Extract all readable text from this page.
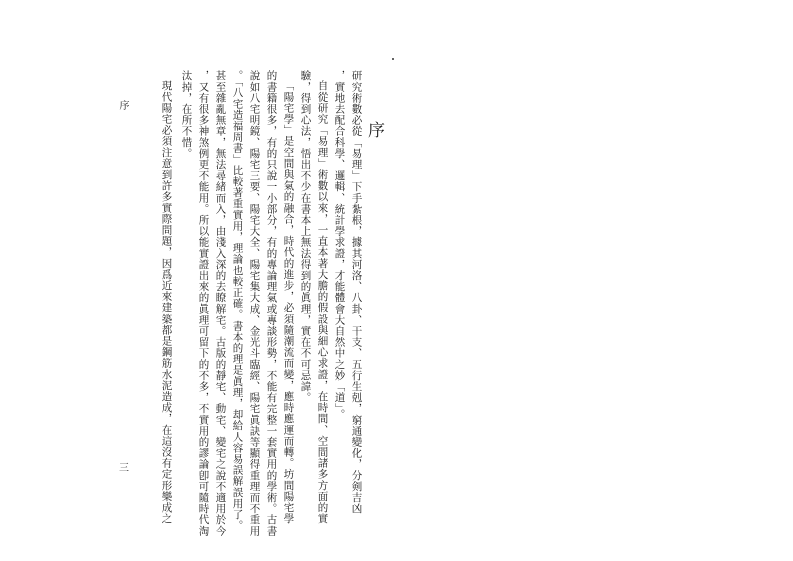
序
序
研究術數必從「易理」下手紮根，據其河洛、八卦、干支、五行生剋，窮通變化，分剣吉凶
，實地去配合科學、邏輯、統計學求證，才能體會大自然中之妙「道」。
自從研究「易理」術數以來，一直本著大膽的假設與細心求證，在時間、空間諸多方面的實
驗，得到心法，悟出不少在書本上無法得到的眞理，實在不可忌諱。
「陽宅學」是空間與氣的融合，時代的進步，必須隨潮流而變，應時應運而轉。坊間陽宅學
的書籍很多，有的只說一小部分，有的專論理氣或專談形勢，不能有完整一套實用的學術。古書
說如八宅明鏡、陽宅三要、陽宅大全、陽宅集大成、金光斗臨經、陽宅眞訣等顯得重理而不重用
。「八宅造福周書」比較著重實用，理論也較正確。書本的理是眞理，却給人容易誤解誤用了。
甚至雜亂無章，無法尋緒而入，由淺入深的去瞭解宅。古版的靜宅、動宅、變宅之說不適用於今
，又有很多神煞例更不能用。所以能實證出來的眞理可留下的不多，不實用的謬論卽可隨時代淘
汰掉，在所不惜。
現代陽宅必須注意到許多實際問題，因爲近來建築都是鋼筋水泥造成，在這沒有定形樂成之
三
